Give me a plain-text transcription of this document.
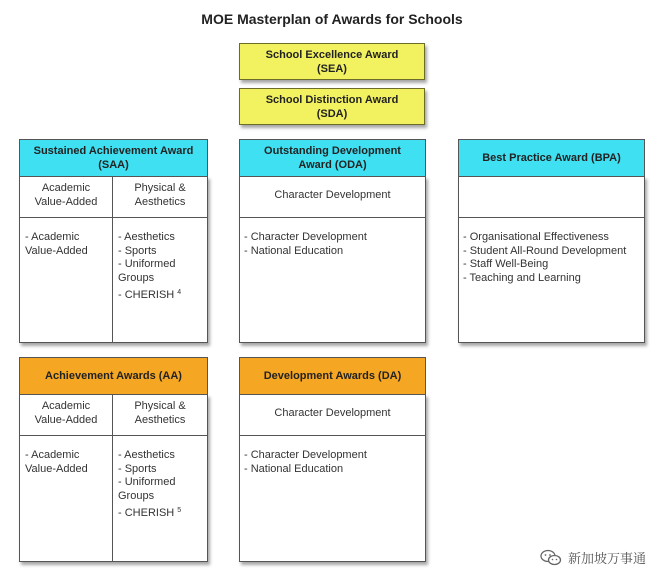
MOE Masterplan of Awards for Schools
School Excellence Award
(SEA)
School Distinction Award
(SDA)
Sustained Achievement Award
(SAA)
Academic
Value-Added
Physical &
Aesthetics
- Academic
Value-Added
- Aesthetics
- Sports
- Uniformed
Groups
- CHERISH $^4$
Outstanding Development
Award (ODA)
Character Development
- Character Development
- National Education
Best Practice Award (BPA)
- Organisational Effectiveness
- Student All-Round Development
- Staff Well-Being
- Teaching and Learning
Achievement Awards (AA)
Academic
Value-Added
Physical &
Aesthetics
- Academic
Value-Added
- Aesthetics
- Sports
- Uniformed
Groups
- CHERISH $^5$
Development Awards (DA)
Character Development
- Character Development
- National Education
新加坡万事通
